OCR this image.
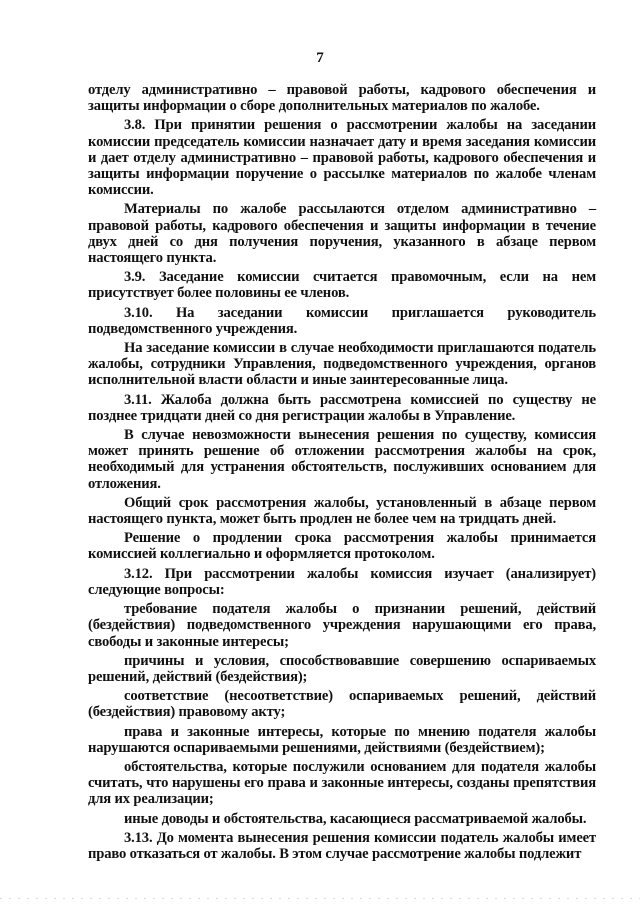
7

отделу административно – правовой работы, кадрового обеспечения и защиты информации о сборе дополнительных материалов по жалобе.

3.8. При принятии решения о рассмотрении жалобы на заседании комиссии председатель комиссии назначает дату и время заседания комиссии и дает отделу административно – правовой работы, кадрового обеспечения и защиты информации поручение о рассылке материалов по жалобе членам комиссии.

Материалы по жалобе рассылаются отделом административно – правовой работы, кадрового обеспечения и защиты информации в течение двух дней со дня получения поручения, указанного в абзаце первом настоящего пункта.

3.9. Заседание комиссии считается правомочным, если на нем присутствует более половины ее членов.

3.10. На заседании комиссии приглашается руководитель подведомственного учреждения.

На заседание комиссии в случае необходимости приглашаются податель жалобы, сотрудники Управления, подведомственного учреждения, органов исполнительной власти области и иные заинтересованные лица.

3.11. Жалоба должна быть рассмотрена комиссией по существу не позднее тридцати дней со дня регистрации жалобы в Управление.

В случае невозможности вынесения решения по существу, комиссия может принять решение об отложении рассмотрения жалобы на срок, необходимый для устранения обстоятельств, послуживших основанием для отложения.

Общий срок рассмотрения жалобы, установленный в абзаце первом настоящего пункта, может быть продлен не более чем на тридцать дней.

Решение о продлении срока рассмотрения жалобы принимается комиссией коллегиально и оформляется протоколом.

3.12. При рассмотрении жалобы комиссия изучает (анализирует) следующие вопросы:

требование подателя жалобы о признании решений, действий (бездействия) подведомственного учреждения нарушающими его права, свободы и законные интересы;

причины и условия, способствовавшие совершению оспариваемых решений, действий (бездействия);

соответствие (несоответствие) оспариваемых решений, действий (бездействия) правовому акту;

права и законные интересы, которые по мнению подателя жалобы нарушаются оспариваемыми решениями, действиями (бездействием);

обстоятельства, которые послужили основанием для подателя жалобы считать, что нарушены его права и законные интересы, созданы препятствия для их реализации;

иные доводы и обстоятельства, касающиеся рассматриваемой жалобы.

3.13. До момента вынесения решения комиссии податель жалобы имеет право отказаться от жалобы. В этом случае рассмотрение жалобы подлежит
